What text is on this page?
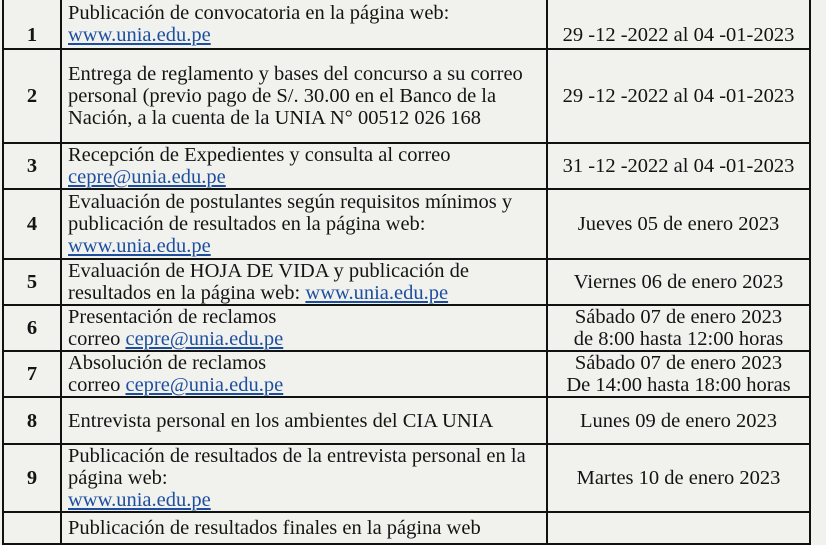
1	Publicación de convocatoria en la página web:
www.unia.edu.pe	29 -12 -2022 al 04 -01-2023
2	Entrega de reglamento y bases del concurso a su correo personal (previo pago de S/. 30.00 en el Banco de la Nación, a la cuenta de la UNIA N° 00512 026 168	29 -12 -2022 al 04 -01-2023
3	Recepción de Expedientes y consulta al correo
cepre@unia.edu.pe	31 -12 -2022 al 04 -01-2023
4	Evaluación de postulantes según requisitos mínimos y publicación de resultados en la página web:
www.unia.edu.pe	Jueves 05 de enero 2023
5	Evaluación de HOJA DE VIDA y publicación de resultados en la página web: www.unia.edu.pe	Viernes 06 de enero 2023
6	Presentación de reclamos
correo cepre@unia.edu.pe	Sábado 07 de enero 2023
de 8:00 hasta 12:00 horas
7	Absolución de reclamos
correo cepre@unia.edu.pe	Sábado 07 de enero 2023
De 14:00 hasta 18:00 horas
8	Entrevista personal en los ambientes del CIA UNIA	Lunes 09 de enero 2023
9	Publicación de resultados de la entrevista personal en la página web:
www.unia.edu.pe	Martes 10 de enero 2023
	Publicación de resultados finales en la página web	
